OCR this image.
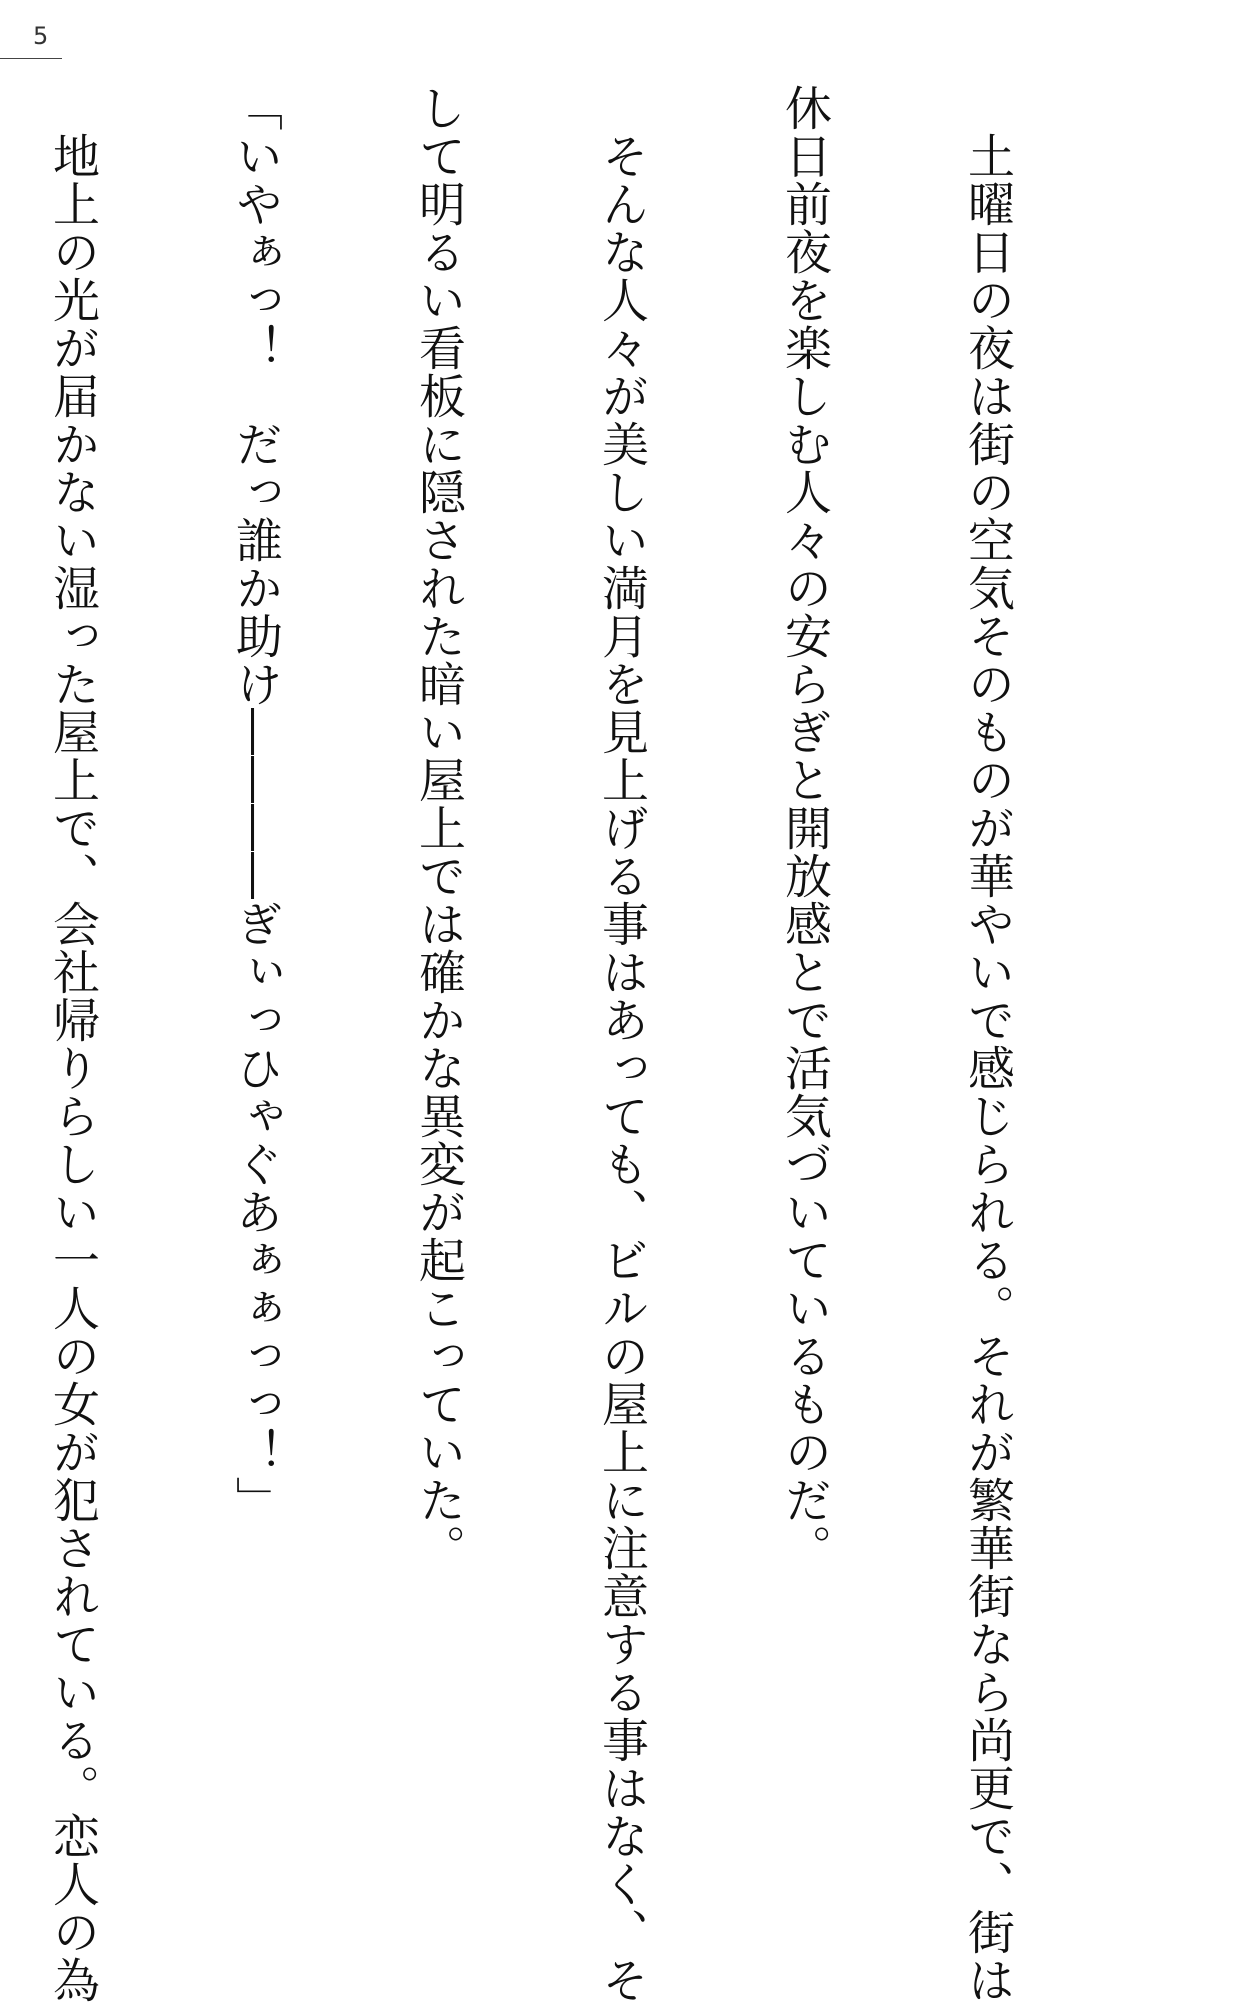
5

　土曜日の夜は街の空気そのものが華やいで感じられる。それが繁華街なら尚更で、街は

休日前夜を楽しむ人々の安らぎと開放感とで活気づいているものだ。

　そんな人々が美しい満月を見上げる事はあっても、ビルの屋上に注意する事はなく、そ

して明るい看板に隠された暗い屋上では確かな異変が起こっていた。

「いやぁっ！　だっ誰か助け――――ぎぃっひゃぐあぁぁっっ！」

　地上の光が届かない湿った屋上で、会社帰りらしい一人の女が犯されている。恋人の為
